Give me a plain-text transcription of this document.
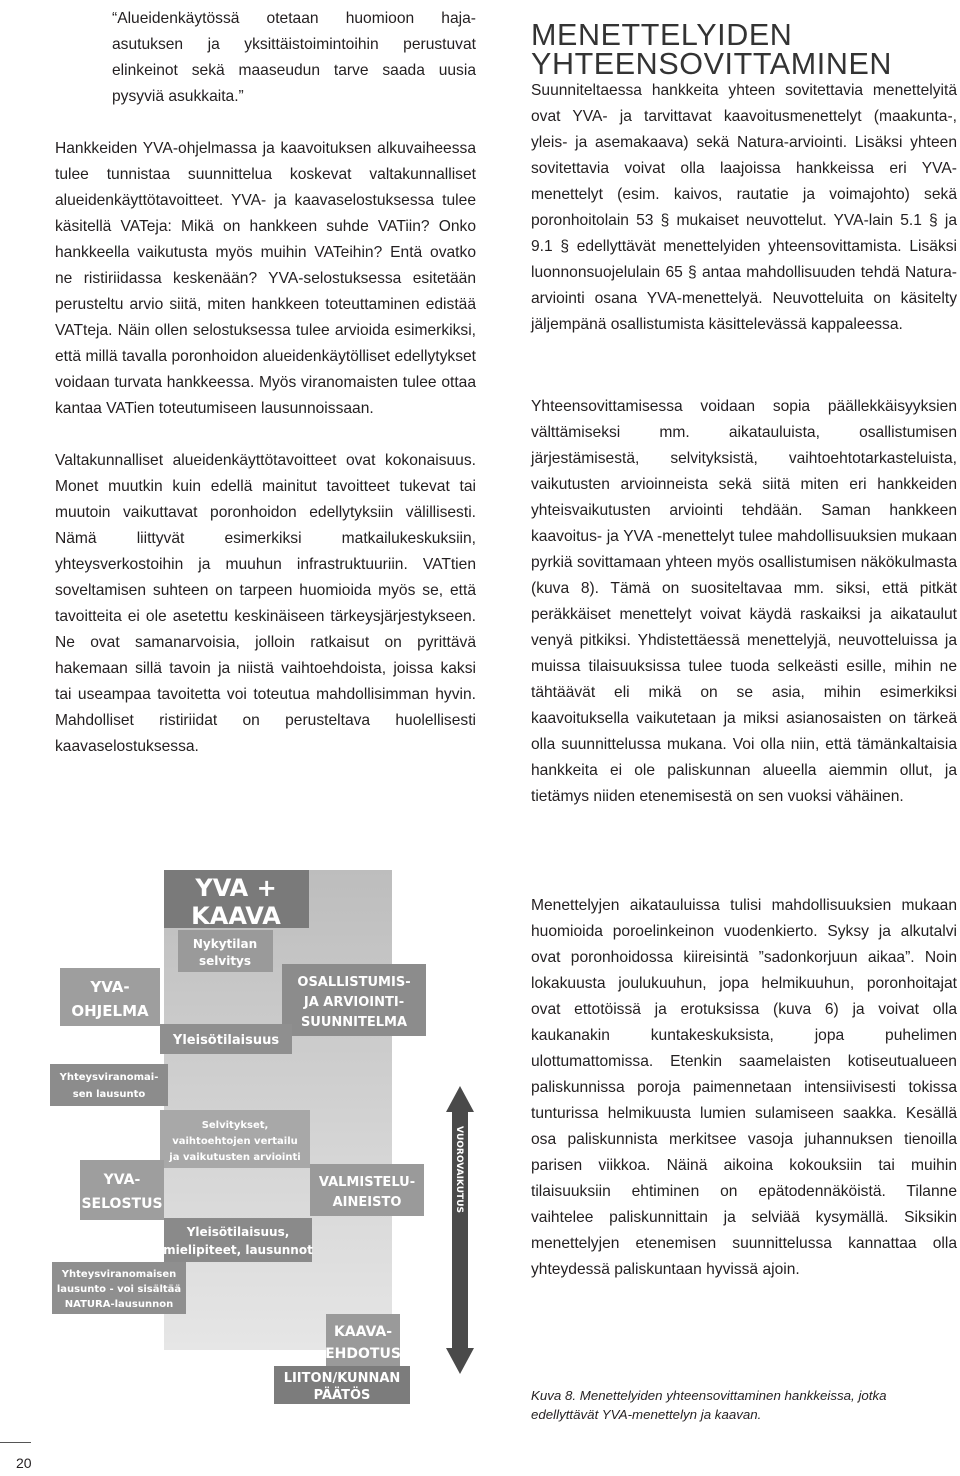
“Alueidenkäytössä otetaan huomioon haja-asutuksen ja yksittäistoimintoihin perustuvat elinkeinot sekä maaseudun tarve saada uusia pysyviä asukkaita.”

Hankkeiden YVA-ohjelmassa ja kaavoituksen alkuvaiheessa tulee tunnistaa suunnittelua koskevat valtakunnalliset alueidenkäyttötavoitteet. YVA- ja kaavaselostuksessa tulee käsitellä VATeja: Mikä on hankkeen suhde VATiin? Onko hankkeella vaikutusta myös muihin VATeihin? Entä ovatko ne ristiriidassa keskenään? YVA-selostuksessa esitetään perusteltu arvio siitä, miten hankkeen toteuttaminen edistää VATteja. Näin ollen selostuksessa tulee arvioida esimerkiksi, että millä tavalla poronhoidon alueidenkäytölliset edellytykset voidaan turvata hankkeessa. Myös viranomaisten tulee ottaa kantaa VATien toteutumiseen lausunnoissaan.

Valtakunnalliset alueidenkäyttötavoitteet ovat kokonaisuus. Monet muutkin kuin edellä mainitut tavoitteet tukevat tai muutoin vaikuttavat poronhoidon edellytyksiin välillisesti. Nämä liittyvät esimerkiksi matkailukeskuksiin, yhteysverkostoihin ja muuhun infrastruktuuriin. VATtien soveltamisen suhteen on tarpeen huomioida myös se, että tavoitteita ei ole asetettu keskinäiseen tärkeysjärjestykseen. Ne ovat samanarvoisia, jolloin ratkaisut on pyrittävä hakemaan sillä tavoin ja niistä vaihtoehdoista, joissa kaksi tai useampaa tavoitetta voi toteutua mahdollisimman hyvin. Mahdolliset ristiriidat on perusteltava huolellisesti kaavaselostuksessa.

MENETTELYIDEN
YHTEENSOVITTAMINEN

Suunniteltaessa hankkeita yhteen sovitettavia menettelyitä ovat YVA- ja tarvittavat kaavoitusmenettelyt (maakunta-, yleis- ja asemakaava) sekä Natura-arviointi. Lisäksi yhteen sovitettavia voivat olla laajoissa hankkeissa eri YVA-menettelyt (esim. kaivos, rautatie ja voimajohto) sekä poronhoitolain 53 § mukaiset neuvottelut. YVA-lain 5.1 § ja 9.1 § edellyttävät menettelyiden yhteensovittamista. Lisäksi luonnonsuojelulain 65 § antaa mahdollisuuden tehdä Natura-arviointi osana YVA-menettelyä. Neuvotteluita on käsitelty jäljempänä osallistumista käsittelevässä kappaleessa.

Yhteensovittamisessa voidaan sopia päällekkäisyyksien välttämiseksi mm. aikatauluista, osallistumisen järjestämisestä, selvityksistä, vaihtoehtotarkasteluista, vaikutusten arvioinneista sekä siitä miten eri hankkeiden yhteisvaikutusten arviointi tehdään. Saman hankkeen kaavoitus- ja YVA -menettelyt tulee mahdollisuuksien mukaan pyrkiä sovittamaan yhteen myös osallistumisen näkökulmasta (kuva 8). Tämä on suositeltavaa mm. siksi, että pitkät peräkkäiset menettelyt voivat käydä raskaiksi ja aikataulut venyä pitkiksi. Yhdistettäessä menettelyjä, neuvotteluissa ja muissa tilaisuuksissa tulee tuoda selkeästi esille, mihin ne tähtäävät eli mikä on se asia, mihin esimerkiksi kaavoituksella vaikutetaan ja miksi asianosaisten on tärkeä olla suunnittelussa mukana. Voi olla niin, että tämänkaltaisia hankkeita ei ole paliskunnan alueella aiemmin ollut, ja tietämys niiden etenemisestä on sen vuoksi vähäinen.

Menettelyjen aikatauluissa tulisi mahdollisuuksien mukaan huomioida poroelinkeinon vuodenkierto. Syksy ja alkutalvi ovat poronhoidossa kiireisintä ”sadonkorjuun aikaa”. Noin lokakuusta joulukuuhun, jopa helmikuuhun, poronhoitajat ovat ettotöissä ja erotuksissa (kuva 6) ja voivat olla kaukanakin kuntakeskuksista, jopa puhelimen ulottumattomissa. Etenkin saamelaisten kotiseutualueen paliskunnissa poroja paimennetaan intensiivisesti tokissa tunturissa helmikuusta lumien sulamiseen saakka. Kesällä osa paliskunnista merkitsee vasoja juhannuksen tienoilla parisen viikkoa. Näinä aikoina kokouksiin tai muihin tilaisuuksiin ehtiminen on epätodennäköistä. Tilanne vaihtelee paliskunnittain ja selviää kysymällä. Siksikin menettelyjen etenemisen suunnittelussa kannattaa olla yhteydessä paliskuntaan hyvissä ajoin.

Kuva 8. Menettelyiden yhteensovittaminen hankkeissa, jotka edellyttävät YVA-menettelyn ja kaavan.

YVA +
KAAVA
Nykytilan
selvitys
OSALLISTUMIS-
JA ARVIOINTI-
SUUNNITELMA
YVA-
OHJELMA
Yleisötilaisuus
Yhteysviranomai-
sen lausunto
Selvitykset,
vaihtoehtojen vertailu
ja vaikutusten arviointi
YVA-
SELOSTUS
VALMISTELU-
AINEISTO
Yleisötilaisuus,
mielipiteet, lausunnot
Yhteysviranomaisen
lausunto - voi sisältää
NATURA-lausunnon
KAAVA-
EHDOTUS
LIITON/KUNNAN
PÄÄTÖS
VUOROVAIKUTUS
20
